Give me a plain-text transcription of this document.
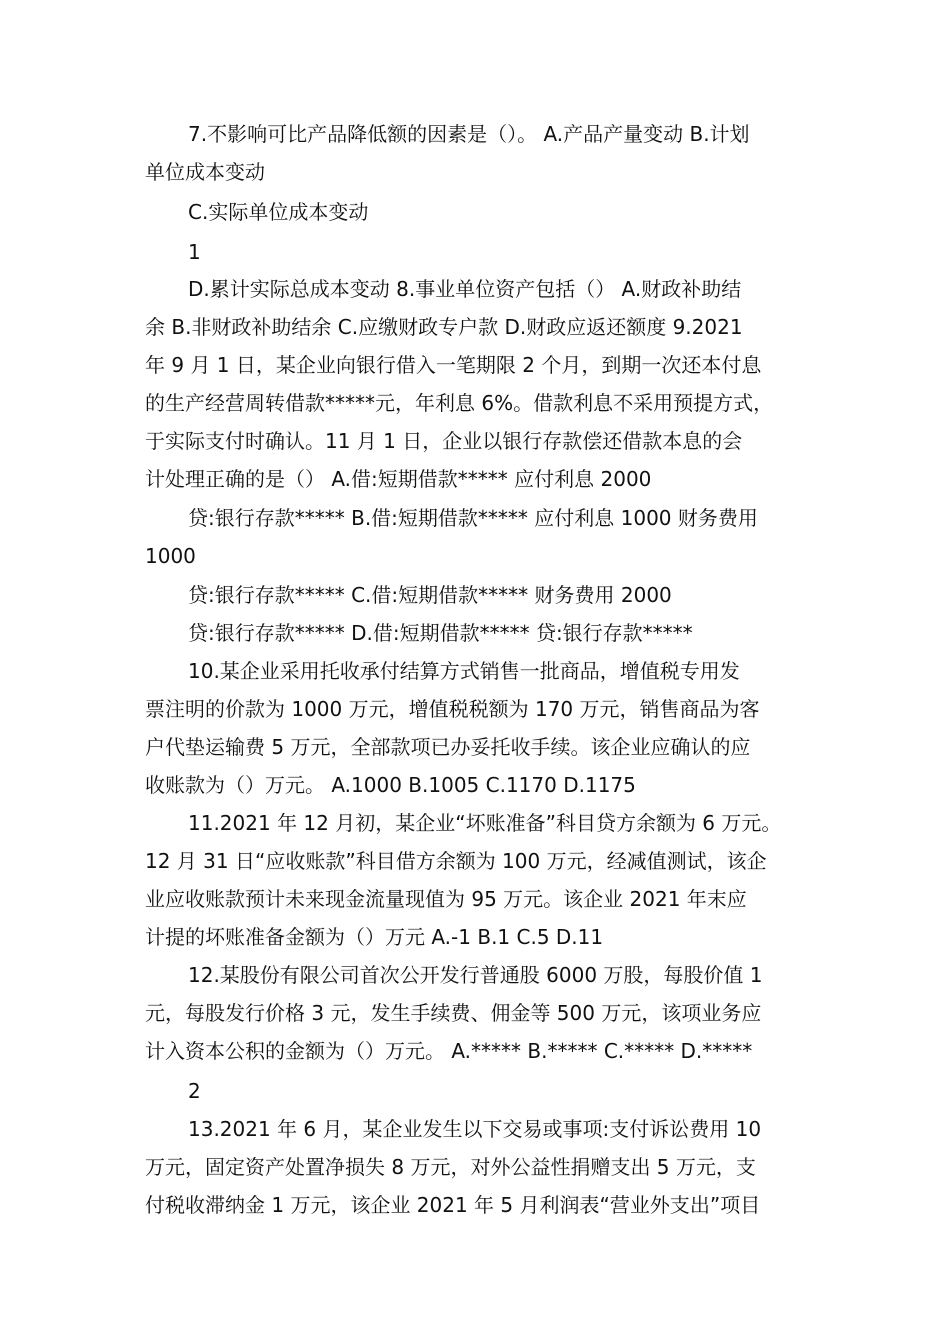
7.不影响可比产品降低额的因素是（）。 A.产品产量变动 B.计划
单位成本变动
C.实际单位成本变动
1
D.累计实际总成本变动 8.事业单位资产包括（） A.财政补助结
余 B.非财政补助结余 C.应缴财政专户款 D.财政应返还额度 9.2021
年 9 月 1 日，某企业向银行借入一笔期限 2 个月，到期一次还本付息
的生产经营周转借款*****元，年利息 6%。借款利息不采用预提方式，
于实际支付时确认。11 月 1 日，企业以银行存款偿还借款本息的会
计处理正确的是（） A.借:短期借款***** 应付利息 2000
贷:银行存款***** B.借:短期借款***** 应付利息 1000 财务费用
1000
贷:银行存款***** C.借:短期借款***** 财务费用 2000
贷:银行存款***** D.借:短期借款***** 贷:银行存款*****
10.某企业采用托收承付结算方式销售一批商品，增值税专用发
票注明的价款为 1000 万元，增值税税额为 170 万元，销售商品为客
户代垫运输费 5 万元，全部款项已办妥托收手续。该企业应确认的应
收账款为（）万元。 A.1000 B.1005 C.1170 D.1175
11.2021 年 12 月初，某企业“坏账准备”科目贷方余额为 6 万元。
12 月 31 日“应收账款”科目借方余额为 100 万元，经减值测试，该企
业应收账款预计未来现金流量现值为 95 万元。该企业 2021 年末应
计提的坏账准备金额为（）万元 A.-1 B.1 C.5 D.11
12.某股份有限公司首次公开发行普通股 6000 万股，每股价值 1
元，每股发行价格 3 元，发生手续费、佣金等 500 万元，该项业务应
计入资本公积的金额为（）万元。 A.***** B.***** C.***** D.*****
2
13.2021 年 6 月，某企业发生以下交易或事项:支付诉讼费用 10
万元，固定资产处置净损失 8 万元，对外公益性捐赠支出 5 万元，支
付税收滞纳金 1 万元，该企业 2021 年 5 月利润表“营业外支出”项目
